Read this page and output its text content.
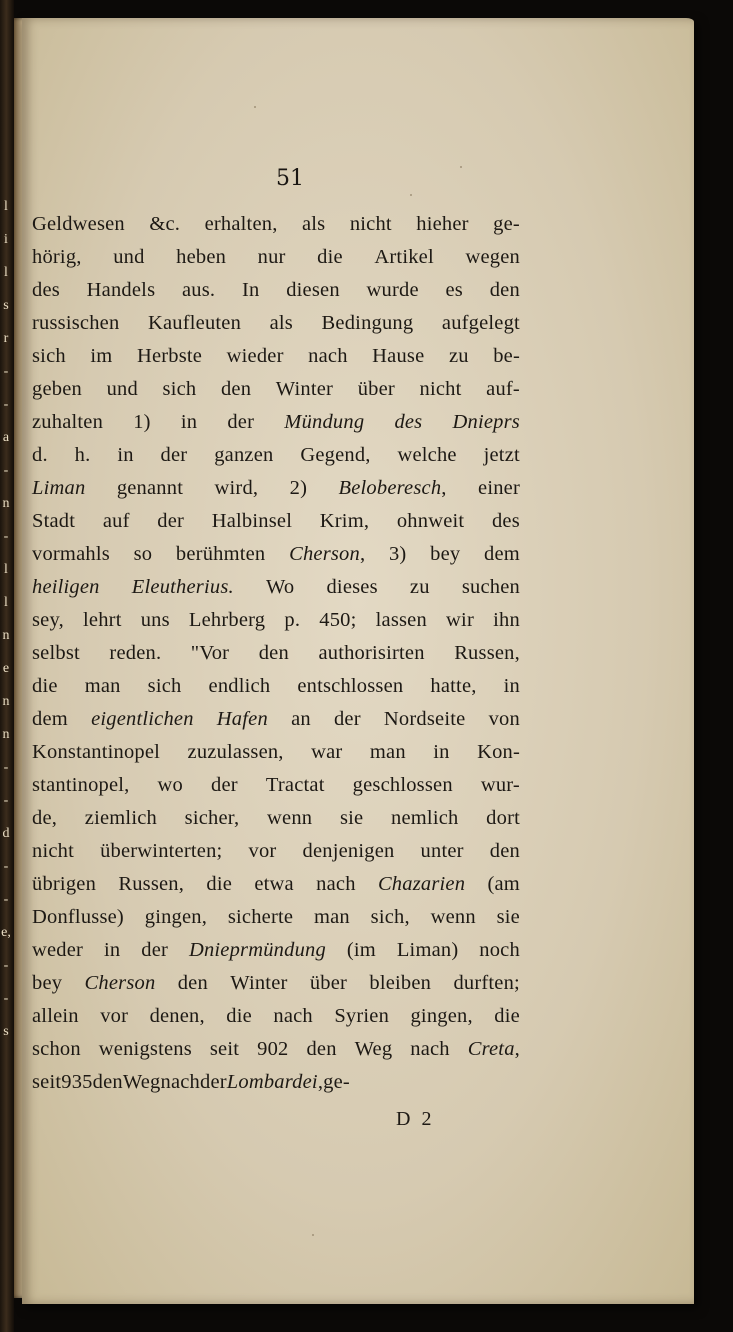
l
i
l
s
r
-
-
a
-
n
-
l
l
n
e
n
n
-
-
d
-
-
e,
-
-
s
51
Geldwesen &c. erhalten, als nicht hieher ge-
hörig, und heben nur die Artikel wegen
des Handels aus. In diesen wurde es den
russischen Kaufleuten als Bedingung aufgelegt
sich im Herbste wieder nach Hause zu be-
geben und sich den Winter über nicht auf-
zuhalten 1) in der Mündung des Dnieprs
d. h. in der ganzen Gegend, welche jetzt
Liman genannt wird, 2) Beloberesch, einer
Stadt auf der Halbinsel Krim, ohnweit des
vormahls so berühmten Cherson, 3) bey dem
heiligen Eleutherius. Wo dieses zu suchen
sey, lehrt uns Lehrberg p. 450; lassen wir ihn
selbst reden. "Vor den authorisirten Russen,
die man sich endlich entschlossen hatte, in
dem eigentlichen Hafen an der Nordseite von
Konstantinopel zuzulassen, war man in Kon-
stantinopel, wo der Tractat geschlossen wur-
de, ziemlich sicher, wenn sie nemlich dort
nicht überwinterten; vor denjenigen unter den
übrigen Russen, die etwa nach Chazarien (am
Donflusse) gingen, sicherte man sich, wenn sie
weder in der Dnieprmündung (im Liman) noch
bey Cherson den Winter über bleiben durften;
allein vor denen, die nach Syrien gingen, die
schon wenigstens seit 902 den Weg nach Creta,
seit 935 den Weg nach der Lombardei, ge-
D 2
